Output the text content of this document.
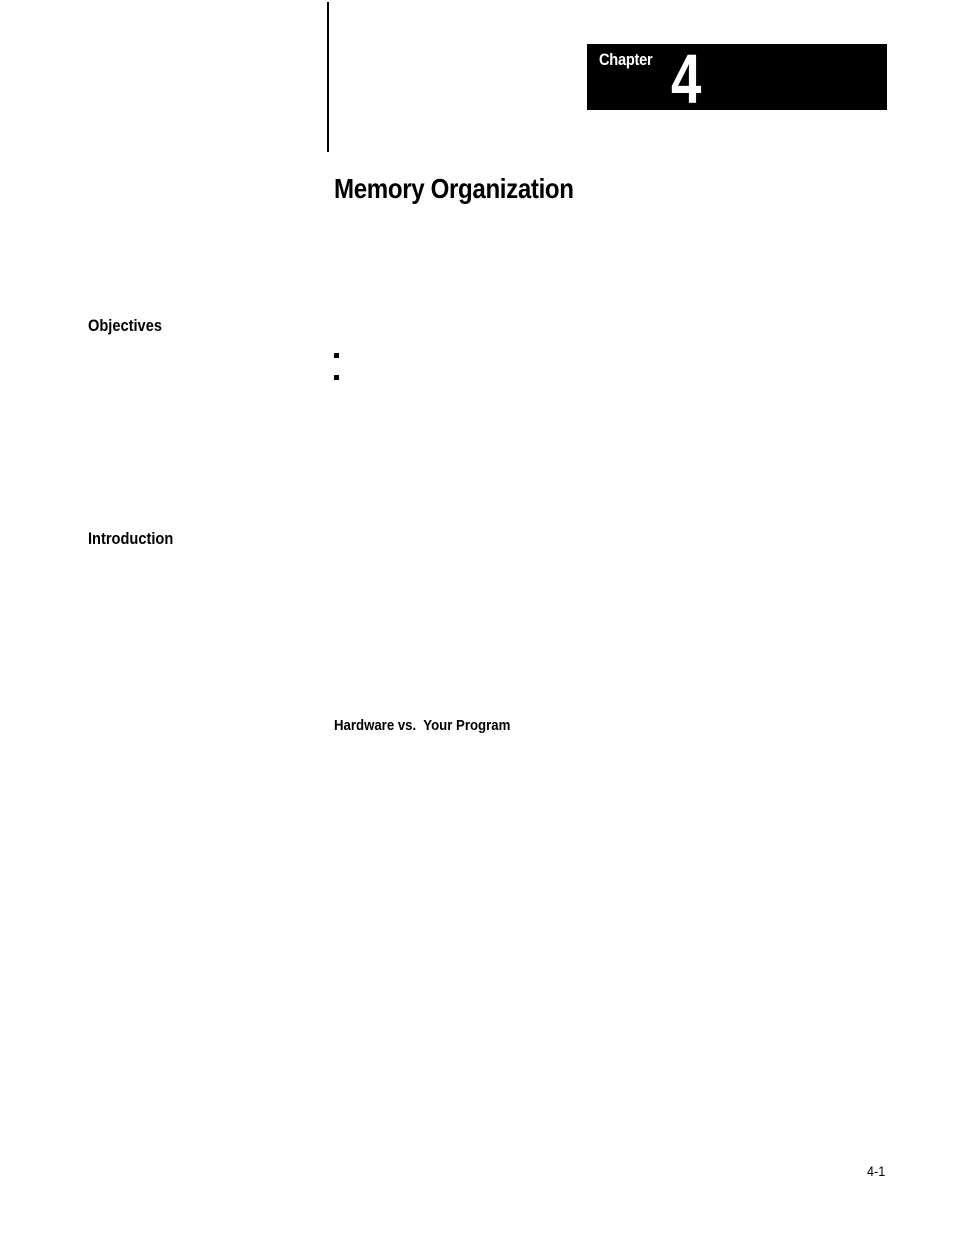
Chapter 4
Memory Organization
Objectives
Introduction
Hardware vs.  Your Program
4-1
